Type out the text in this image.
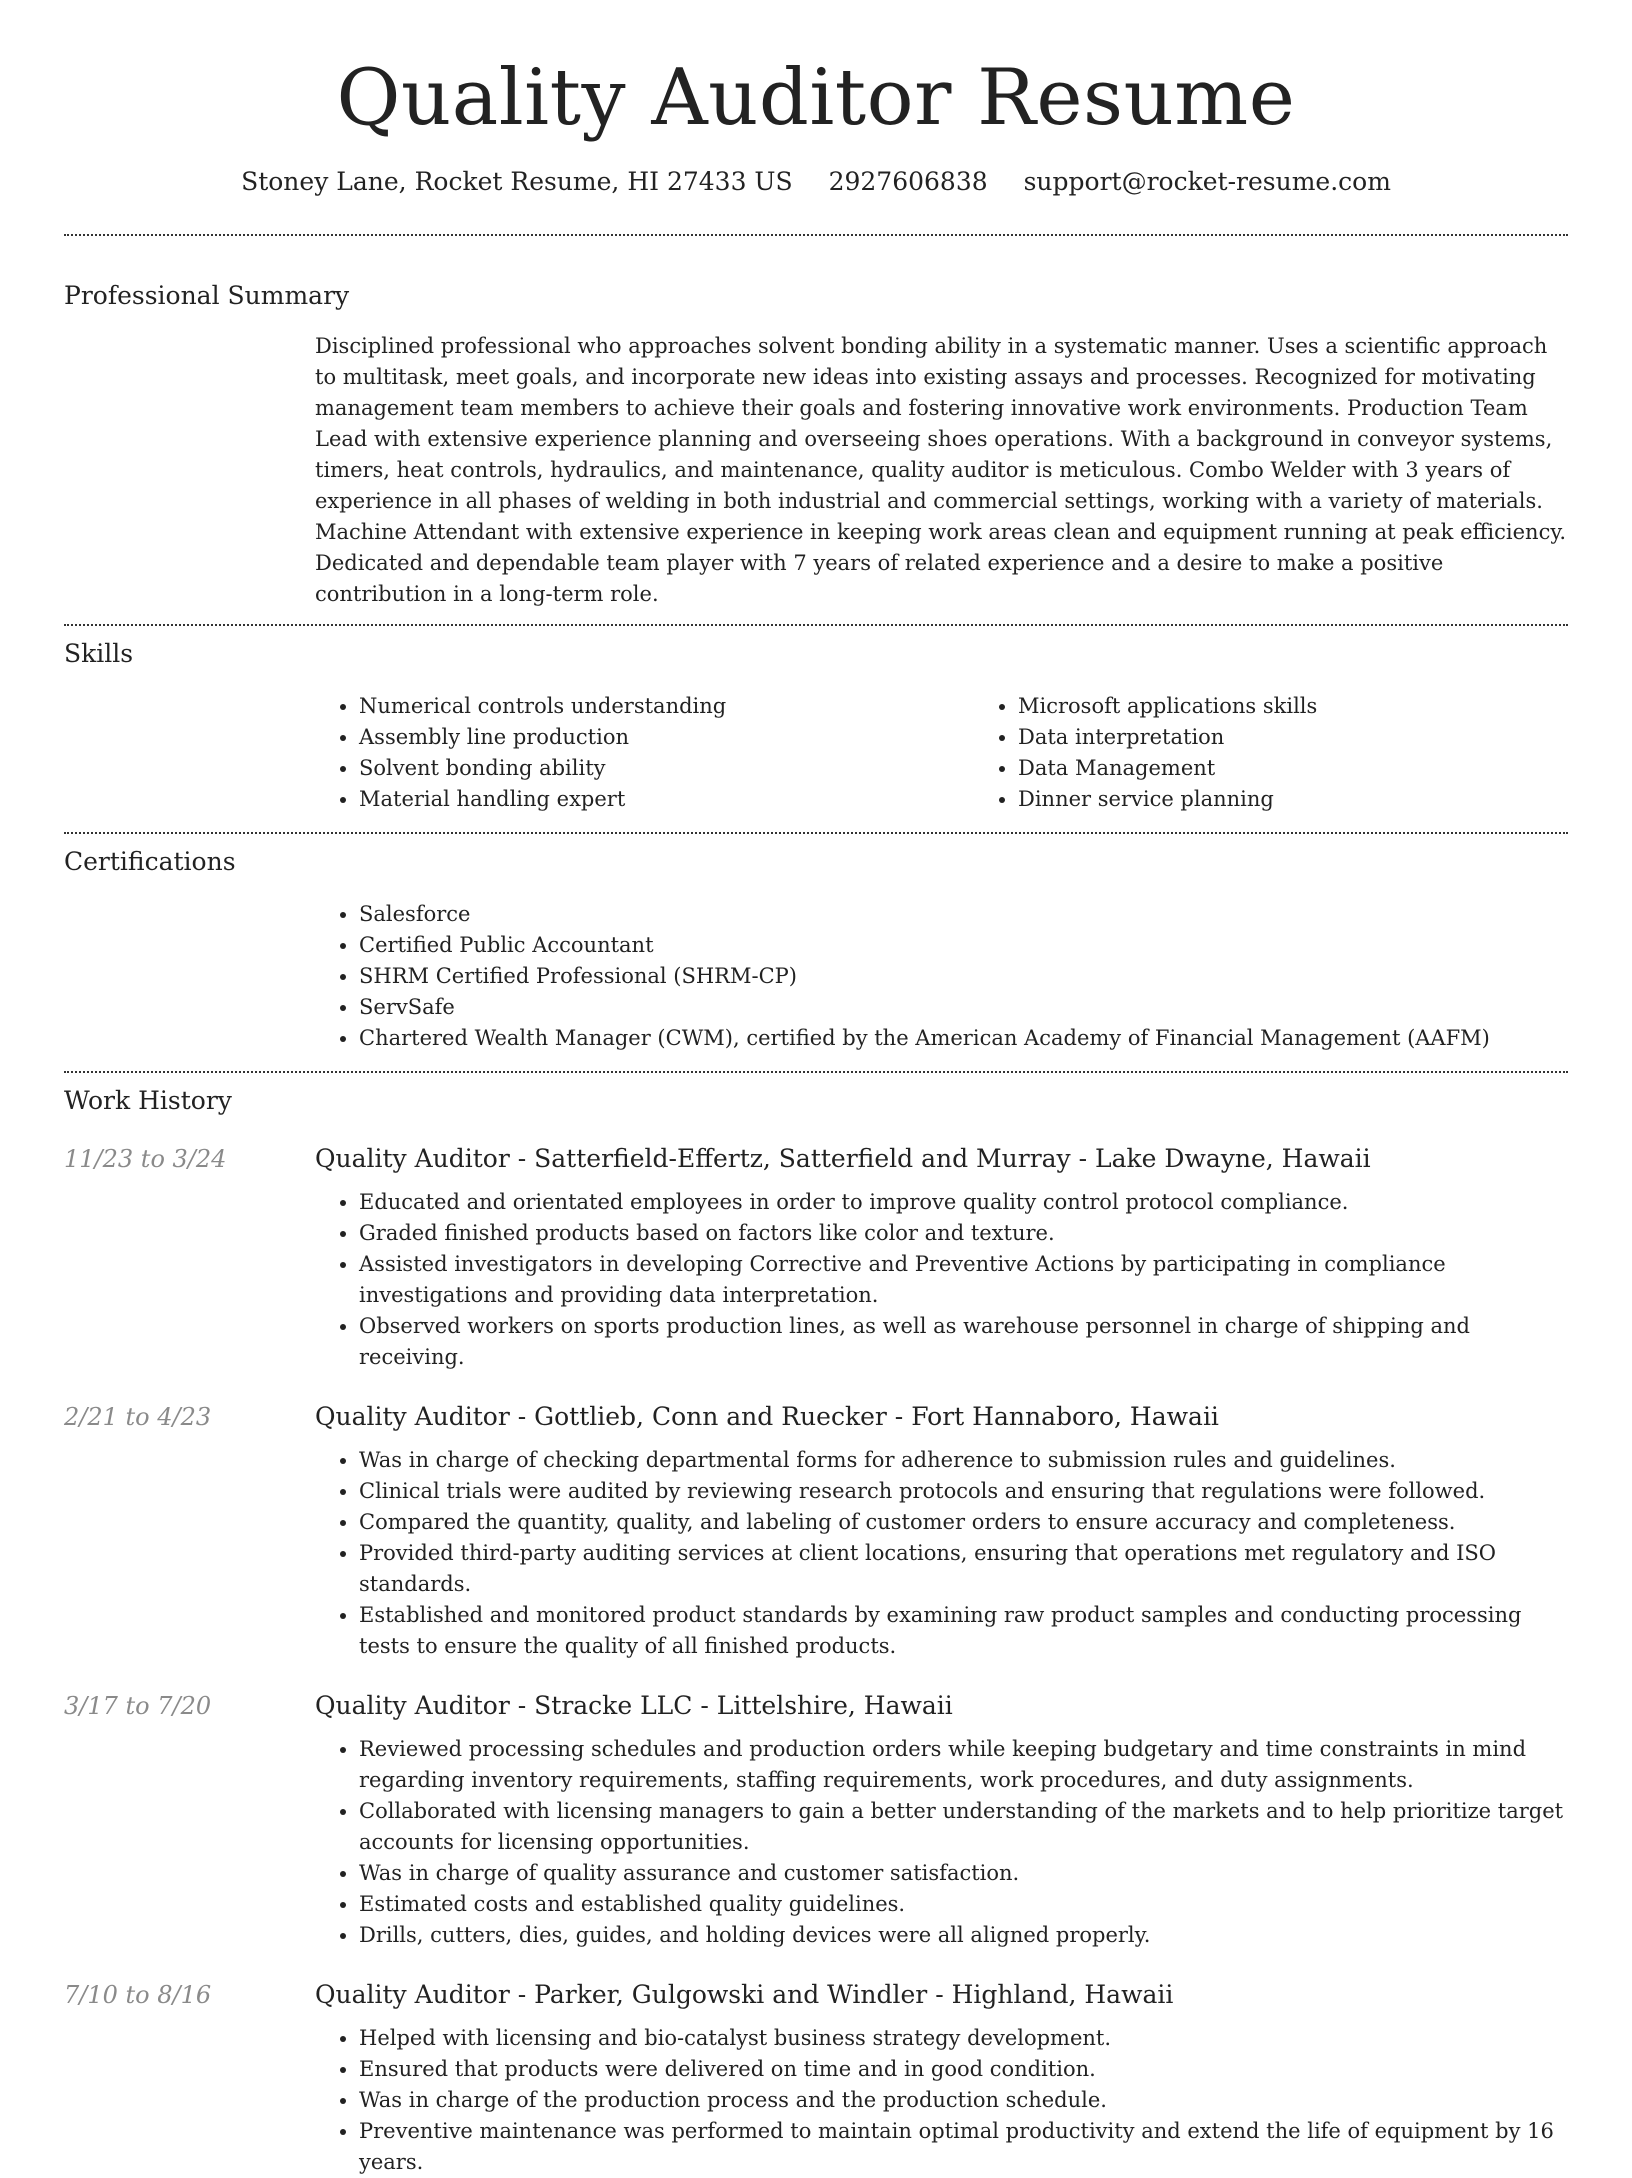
Quality Auditor Resume
Stoney Lane, Rocket Resume, HI 27433 US 2927606838 support@rocket-resume.com
Professional Summary

Disciplined professional who approaches solvent bonding ability in a systematic manner. Uses a scientific approach to multitask, meet goals, and incorporate new ideas into existing assays and processes. Recognized for motivating management team members to achieve their goals and fostering innovative work environments. Production Team Lead with extensive experience planning and overseeing shoes operations. With a background in conveyor systems, timers, heat controls, hydraulics, and maintenance, quality auditor is meticulous. Combo Welder with 3 years of experience in all phases of welding in both industrial and commercial settings, working with a variety of materials. Machine Attendant with extensive experience in keeping work areas clean and equipment running at peak efficiency. Dedicated and dependable team player with 7 years of related experience and a desire to make a positive contribution in a long-term role.

Skills
• Numerical controls understanding
• Assembly line production
• Solvent bonding ability
• Material handling expert
• Microsoft applications skills
• Data interpretation
• Data Management
• Dinner service planning
Certifications
• Salesforce
• Certified Public Accountant
• SHRM Certified Professional (SHRM-CP)
• ServSafe
• Chartered Wealth Manager (CWM), certified by the American Academy of Financial Management (AAFM)
Work History
11/23 to 3/24	Quality Auditor - Satterfield-Effertz, Satterfield and Murray - Lake Dwayne, Hawaii
• Educated and orientated employees in order to improve quality control protocol compliance.
• Graded finished products based on factors like color and texture.
• Assisted investigators in developing Corrective and Preventive Actions by participating in compliance investigations and providing data interpretation.
• Observed workers on sports production lines, as well as warehouse personnel in charge of shipping and receiving.
2/21 to 4/23	Quality Auditor - Gottlieb, Conn and Ruecker - Fort Hannaboro, Hawaii
• Was in charge of checking departmental forms for adherence to submission rules and guidelines.
• Clinical trials were audited by reviewing research protocols and ensuring that regulations were followed.
• Compared the quantity, quality, and labeling of customer orders to ensure accuracy and completeness.
• Provided third-party auditing services at client locations, ensuring that operations met regulatory and ISO standards.
• Established and monitored product standards by examining raw product samples and conducting processing tests to ensure the quality of all finished products.
3/17 to 7/20	Quality Auditor - Stracke LLC - Littelshire, Hawaii
• Reviewed processing schedules and production orders while keeping budgetary and time constraints in mind regarding inventory requirements, staffing requirements, work procedures, and duty assignments.
• Collaborated with licensing managers to gain a better understanding of the markets and to help prioritize target accounts for licensing opportunities.
• Was in charge of quality assurance and customer satisfaction.
• Estimated costs and established quality guidelines.
• Drills, cutters, dies, guides, and holding devices were all aligned properly.
7/10 to 8/16	Quality Auditor - Parker, Gulgowski and Windler - Highland, Hawaii
• Helped with licensing and bio-catalyst business strategy development.
• Ensured that products were delivered on time and in good condition.
• Was in charge of the production process and the production schedule.
• Preventive maintenance was performed to maintain optimal productivity and extend the life of equipment by 16 years.
